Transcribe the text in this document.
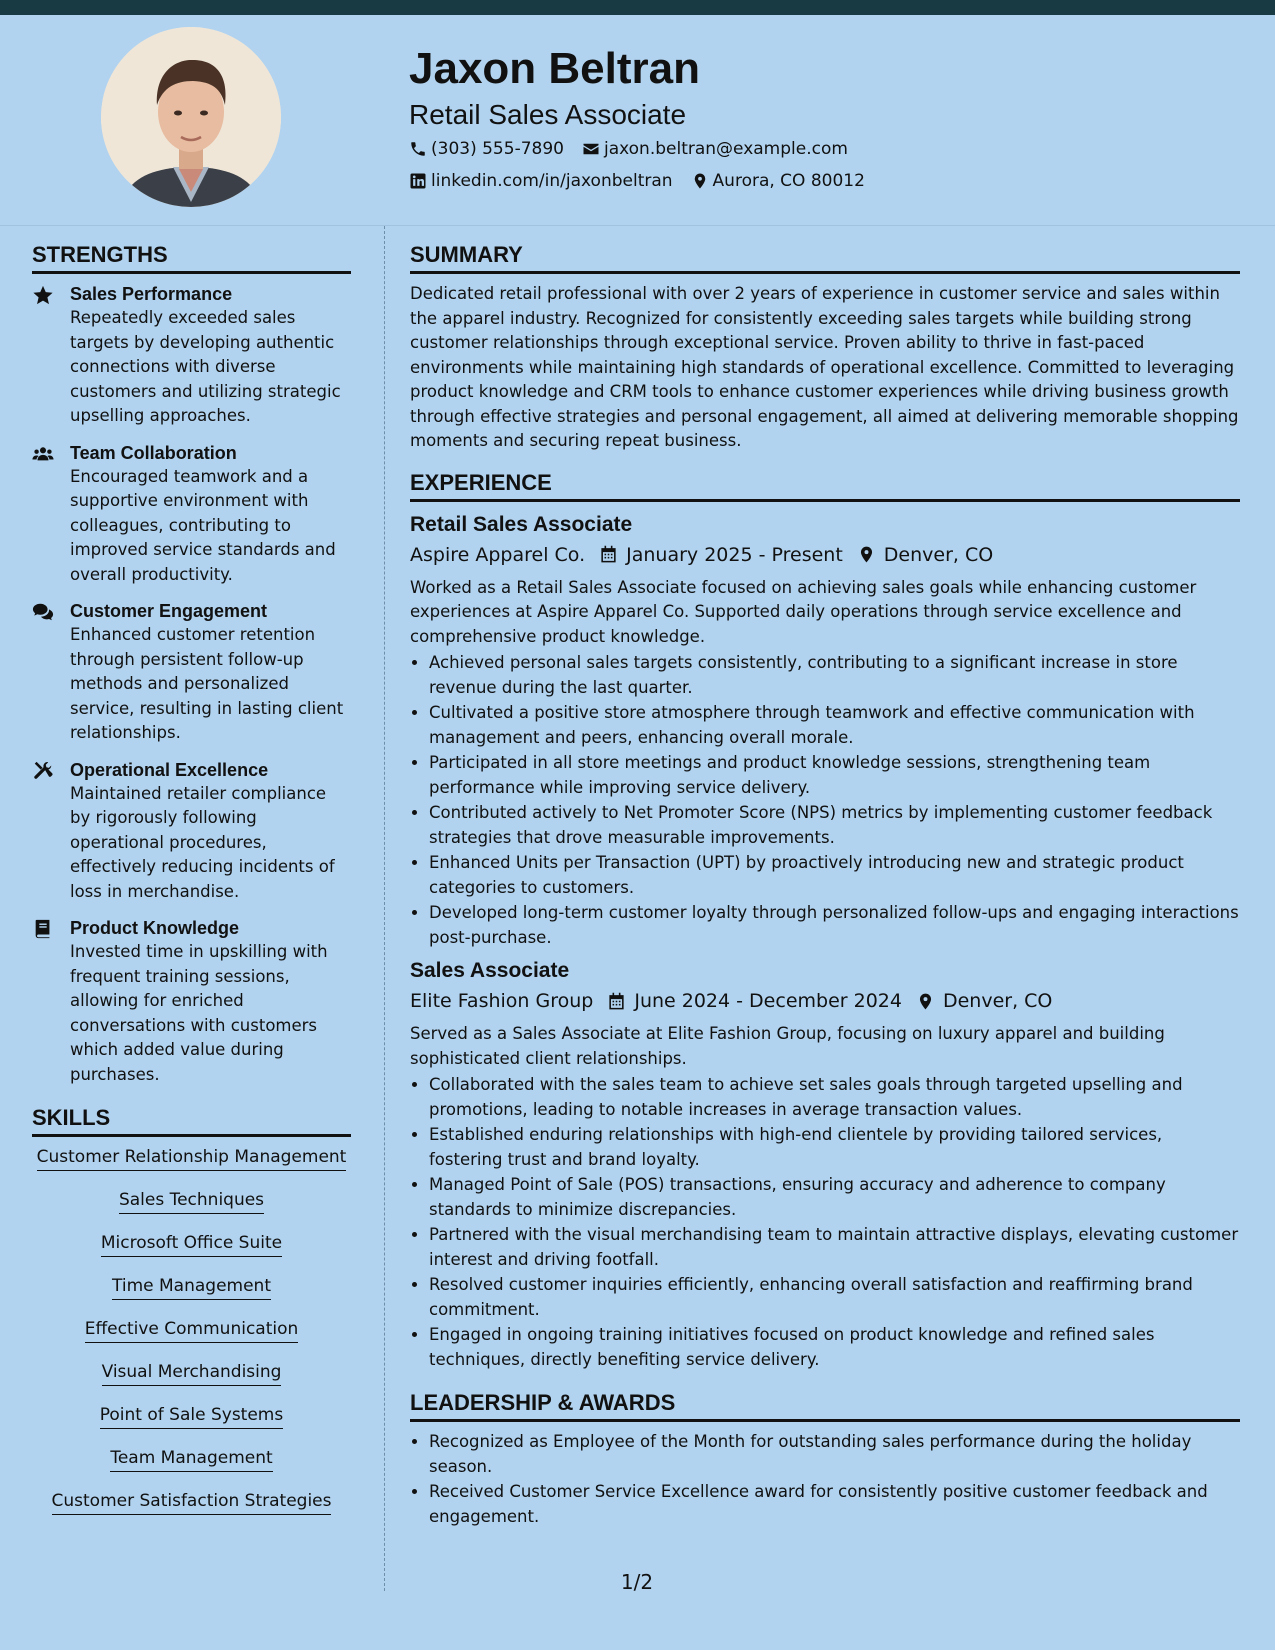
Jaxon Beltran
Retail Sales Associate
(303) 555-7890 jaxon.beltran@example.com
linkedin.com/in/jaxonbeltran Aurora, CO 80012
STRENGTHS
Sales Performance
Repeatedly exceeded sales targets by developing authentic connections with diverse customers and utilizing strategic upselling approaches.
Team Collaboration
Encouraged teamwork and a supportive environment with colleagues, contributing to improved service standards and overall productivity.
Customer Engagement
Enhanced customer retention through persistent follow-up methods and personalized service, resulting in lasting client relationships.
Operational Excellence
Maintained retailer compliance by rigorously following operational procedures, effectively reducing incidents of loss in merchandise.
Product Knowledge
Invested time in upskilling with frequent training sessions, allowing for enriched conversations with customers which added value during purchases.
SKILLS
Customer Relationship Management
Sales Techniques
Microsoft Office Suite
Time Management
Effective Communication
Visual Merchandising
Point of Sale Systems
Team Management
Customer Satisfaction Strategies
SUMMARY

Dedicated retail professional with over 2 years of experience in customer service and sales within the apparel industry. Recognized for consistently exceeding sales targets while building strong customer relationships through exceptional service. Proven ability to thrive in fast-paced environments while maintaining high standards of operational excellence. Committed to leveraging product knowledge and CRM tools to enhance customer experiences while driving business growth through effective strategies and personal engagement, all aimed at delivering memorable shopping moments and securing repeat business.

EXPERIENCE
Retail Sales Associate
Aspire Apparel Co. January 2025 - Present Denver, CO

Worked as a Retail Sales Associate focused on achieving sales goals while enhancing customer experiences at Aspire Apparel Co. Supported daily operations through service excellence and comprehensive product knowledge.

• Achieved personal sales targets consistently, contributing to a significant increase in store revenue during the last quarter.
• Cultivated a positive store atmosphere through teamwork and effective communication with management and peers, enhancing overall morale.
• Participated in all store meetings and product knowledge sessions, strengthening team performance while improving service delivery.
• Contributed actively to Net Promoter Score (NPS) metrics by implementing customer feedback strategies that drove measurable improvements.
• Enhanced Units per Transaction (UPT) by proactively introducing new and strategic product categories to customers.
• Developed long-term customer loyalty through personalized follow-ups and engaging interactions post-purchase.
Sales Associate
Elite Fashion Group June 2024 - December 2024 Denver, CO

Served as a Sales Associate at Elite Fashion Group, focusing on luxury apparel and building sophisticated client relationships.

• Collaborated with the sales team to achieve set sales goals through targeted upselling and promotions, leading to notable increases in average transaction values.
• Established enduring relationships with high-end clientele by providing tailored services, fostering trust and brand loyalty.
• Managed Point of Sale (POS) transactions, ensuring accuracy and adherence to company standards to minimize discrepancies.
• Partnered with the visual merchandising team to maintain attractive displays, elevating customer interest and driving footfall.
• Resolved customer inquiries efficiently, enhancing overall satisfaction and reaffirming brand commitment.
• Engaged in ongoing training initiatives focused on product knowledge and refined sales techniques, directly benefiting service delivery.
LEADERSHIP & AWARDS
• Recognized as Employee of the Month for outstanding sales performance during the holiday season.
• Received Customer Service Excellence award for consistently positive customer feedback and engagement.
1/2
